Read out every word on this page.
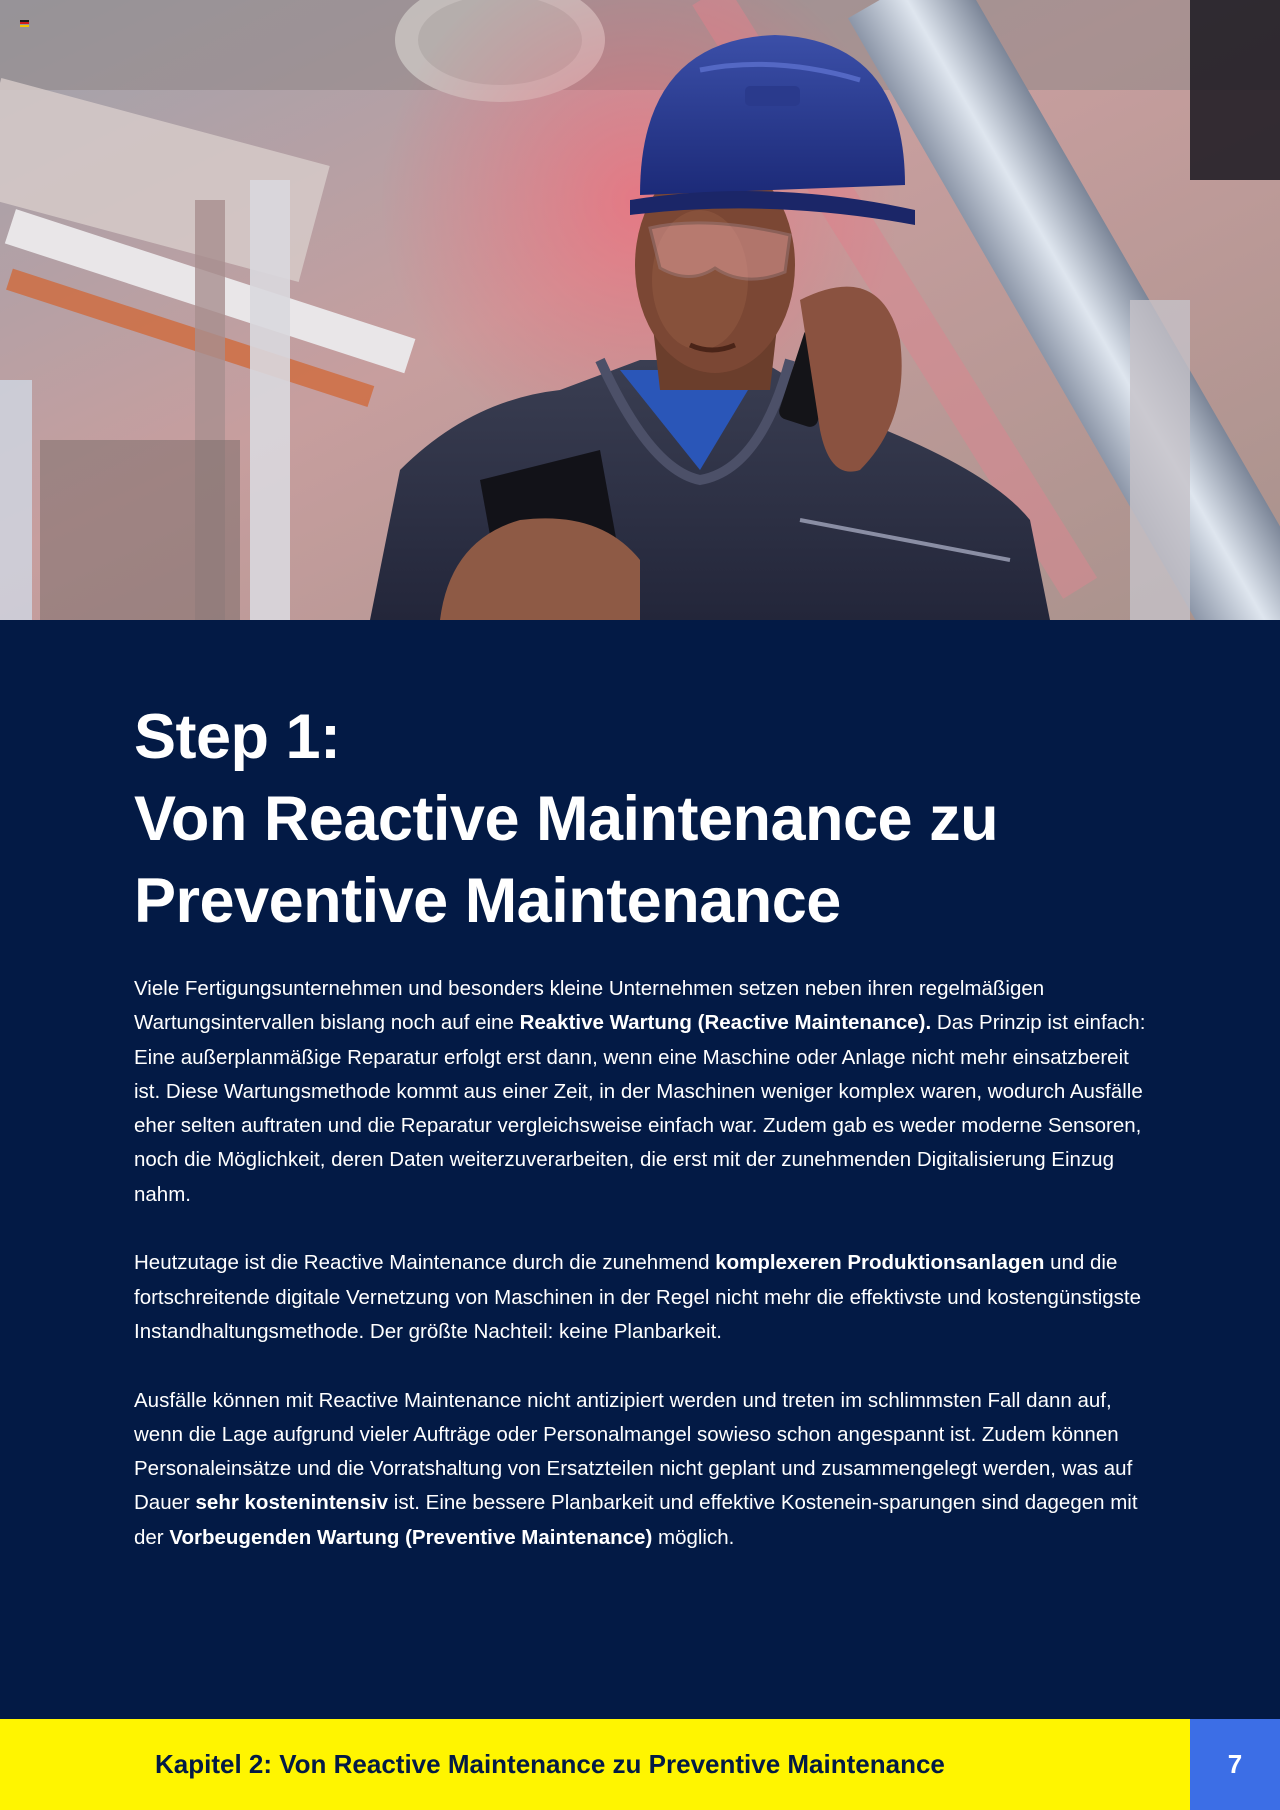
Step 1:
Von Reactive Maintenance zu
Preventive Maintenance

Viele Fertigungsunternehmen und besonders kleine Unternehmen setzen neben ihren regelmäßigen Wartungsintervallen bislang noch auf eine Reaktive Wartung (Reactive Maintenance). Das Prinzip ist einfach: Eine außerplanmäßige Reparatur erfolgt erst dann, wenn eine Maschine oder Anlage nicht mehr einsatzbereit ist. Diese Wartungsmethode kommt aus einer Zeit, in der Maschinen weniger komplex waren, wodurch Ausfälle eher selten auftraten und die Reparatur vergleichsweise einfach war. Zudem gab es weder moderne Sensoren, noch die Möglichkeit, deren Daten weiterzuverarbeiten, die erst mit der zunehmenden Digitalisierung Einzug nahm.

Heutzutage ist die Reactive Maintenance durch die zunehmend komplexeren Produktionsanlagen und die fortschreitende digitale Vernetzung von Maschinen in der Regel nicht mehr die effektivste und kostengünstigste Instandhaltungsmethode. Der größte Nachteil: keine Planbarkeit.

Ausfälle können mit Reactive Maintenance nicht antizipiert werden und treten im schlimmsten Fall dann auf, wenn die Lage aufgrund vieler Aufträge oder Personalmangel sowieso schon angespannt ist. Zudem können Personaleinsätze und die Vorratshaltung von Ersatzteilen nicht geplant und zusammengelegt werden, was auf Dauer sehr kostenintensiv ist. Eine bessere Planbarkeit und effektive Kostenein-sparungen sind dagegen mit der Vorbeugenden Wartung (Preventive Maintenance) möglich.

Kapitel 2: Von Reactive Maintenance zu Preventive Maintenance	7
